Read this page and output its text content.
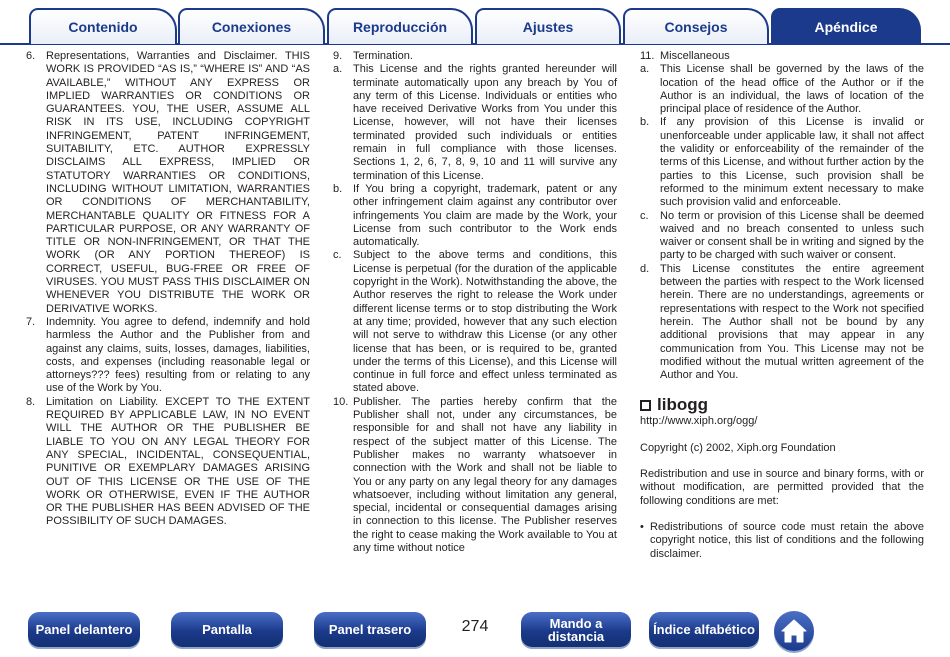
Contenido	Conexiones	Reproducción	Ajustes	Consejos	Apéndice
6. Representations, Warranties and Disclaimer. THIS WORK IS PROVIDED “AS IS,” “WHERE IS” AND “AS AVAILABLE,” WITHOUT ANY EXPRESS OR IMPLIED WARRANTIES OR CONDITIONS OR GUARANTEES. YOU, THE USER, ASSUME ALL RISK IN ITS USE, INCLUDING COPYRIGHT INFRINGEMENT, PATENT INFRINGEMENT, SUITABILITY, ETC. AUTHOR EXPRESSLY DISCLAIMS ALL EXPRESS, IMPLIED OR STATUTORY WARRANTIES OR CONDITIONS, INCLUDING WITHOUT LIMITATION, WARRANTIES OR CONDITIONS OF MERCHANTABILITY, MERCHANTABLE QUALITY OR FITNESS FOR A PARTICULAR PURPOSE, OR ANY WARRANTY OF TITLE OR NON-INFRINGEMENT, OR THAT THE WORK (OR ANY PORTION THEREOF) IS CORRECT, USEFUL, BUG-FREE OR FREE OF VIRUSES. YOU MUST PASS THIS DISCLAIMER ON WHENEVER YOU DISTRIBUTE THE WORK OR DERIVATIVE WORKS.
7. Indemnity. You agree to defend, indemnify and hold harmless the Author and the Publisher from and against any claims, suits, losses, damages, liabilities, costs, and expenses (including reasonable legal or attorneys??? fees) resulting from or relating to any use of the Work by You.
8. Limitation on Liability. EXCEPT TO THE EXTENT REQUIRED BY APPLICABLE LAW, IN NO EVENT WILL THE AUTHOR OR THE PUBLISHER BE LIABLE TO YOU ON ANY LEGAL THEORY FOR ANY SPECIAL, INCIDENTAL, CONSEQUENTIAL, PUNITIVE OR EXEMPLARY DAMAGES ARISING OUT OF THIS LICENSE OR THE USE OF THE WORK OR OTHERWISE, EVEN IF THE AUTHOR OR THE PUBLISHER HAS BEEN ADVISED OF THE POSSIBILITY OF SUCH DAMAGES.
9. Termination.
a. This License and the rights granted hereunder will terminate automatically upon any breach by You of any term of this License. Individuals or entities who have received Derivative Works from You under this License, however, will not have their licenses terminated provided such individuals or entities remain in full compliance with those licenses. Sections 1, 2, 6, 7, 8, 9, 10 and 11 will survive any termination of this License.
b. If You bring a copyright, trademark, patent or any other infringement claim against any contributor over infringements You claim are made by the Work, your License from such contributor to the Work ends automatically.
c.	Subject to the above terms and conditions, this License is perpetual (for the duration of the applicable copyright in the Work). Notwithstanding the above, the Author reserves the right to release the Work under different license terms or to stop distributing the Work at any time; provided, however that any such election will not serve to withdraw this License (or any other license that has been, or is required to be, granted under the terms of this License), and this License will continue in full force and effect unless terminated as stated above.
10. Publisher. The parties hereby confirm that the Publisher shall not, under any circumstances, be responsible for and shall not have any liability in respect of the subject matter of this License. The Publisher makes no warranty whatsoever in connection with the Work and shall not be liable to You or any party on any legal theory for any damages whatsoever, including without limitation any general, special, incidental or consequential damages arising in connection to this license. The Publisher reserves the right to cease making the Work available to You at any time without notice
11. Miscellaneous
a. This License shall be governed by the laws of the location of the head office of the Author or if the Author is an individual, the laws of location of the principal place of residence of the Author.
b. If any provision of this License is invalid or unenforceable under applicable law, it shall not affect the validity or enforceability of the remainder of the terms of this License, and without further action by the parties to this License, such provision shall be reformed to the minimum extent necessary to make such provision valid and enforceable.
c.	No term or provision of this License shall be deemed waived and no breach consented to unless such waiver or consent shall be in writing and signed by the party to be charged with such waiver or consent.
d. This License constitutes the entire agreement between the parties with respect to the Work licensed herein. There are no understandings, agreements or representations with respect to the Work not specified herein. The Author shall not be bound by any additional provisions that may appear in any communication from You. This License may not be modified without the mutual written agreement of the Author and You.
libogg
http://www.xiph.org/ogg/
Copyright (c) 2002, Xiph.org Foundation
Redistribution and use in source and binary forms, with or without modification, are permitted provided that the following conditions are met:
• Redistributions of source code must retain the above copyright notice, this list of conditions and the following disclaimer.
Panel delantero	Pantalla	Panel trasero	274	Mando a
distancia	Índice alfabético
